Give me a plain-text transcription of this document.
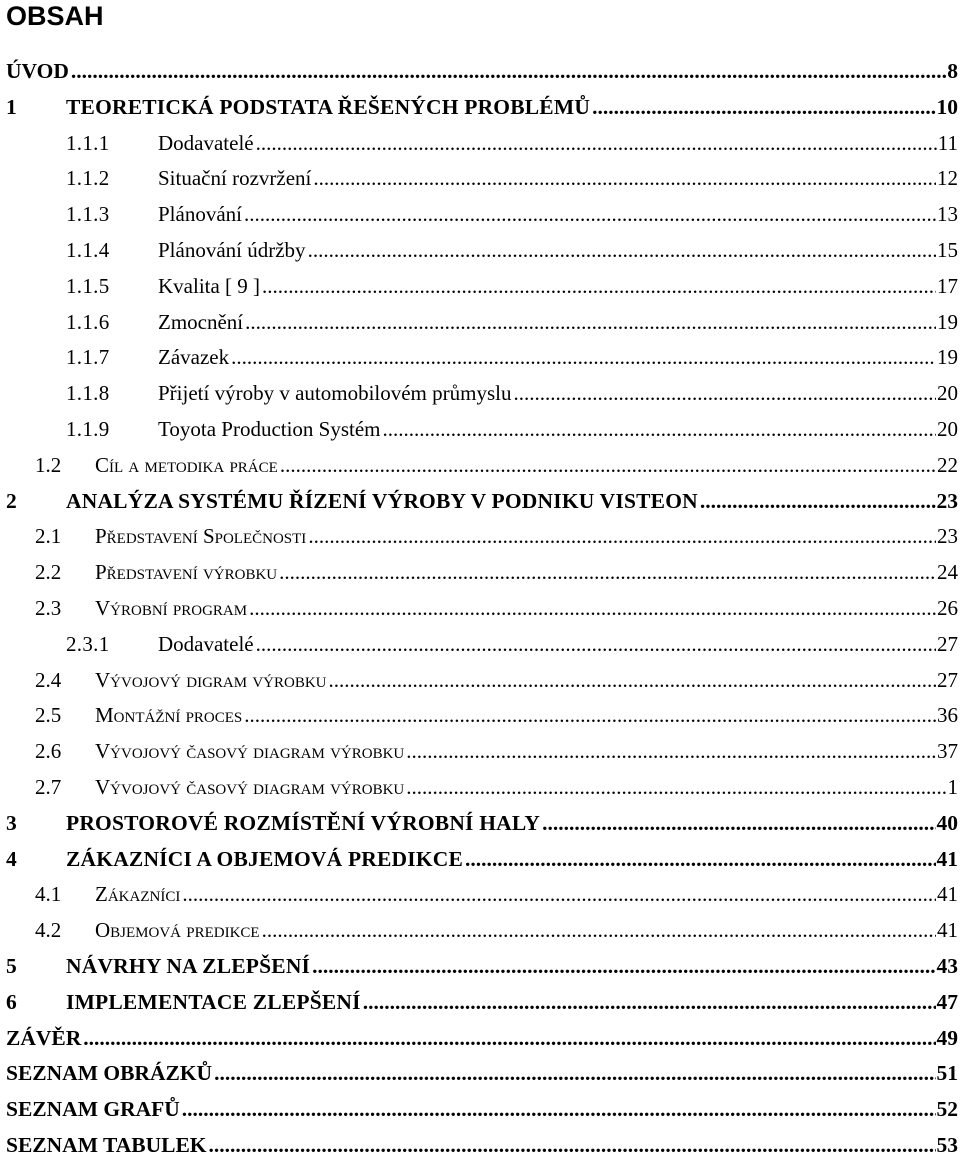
OBSAH
ÚVOD .....	8
1	TEORETICKÁ PODSTATA ŘEŠENÝCH PROBLÉMŮ .....	10
1.1.1	Dodavatelé .....	11
1.1.2	Situační rozvržení .....	12
1.1.3	Plánování .....	13
1.1.4	Plánování údržby .....	15
1.1.5	Kvalita [ 9 ] .....	17
1.1.6	Zmocnění .....	19
1.1.7	Závazek .....	19
1.1.8	Přijetí výroby v automobilovém průmyslu .....	20
1.1.9	Toyota Production Systém .....	20
1.2	Cíl a metodika práce .....	22
2	ANALÝZA SYSTÉMU ŘÍZENÍ VÝROBY V PODNIKU VISTEON .....	23
2.1	Představení Společnosti .....	23
2.2	Představení výrobku .....	24
2.3	Výrobní program .....	26
2.3.1	Dodavatelé .....	27
2.4	Vývojový digram výrobku .....	27
2.5	Montážní proces .....	36
2.6	Vývojový časový diagram výrobku .....	37
2.7	Vývojový časový diagram výrobku .....	1
3	PROSTOROVÉ ROZMÍSTĚNÍ VÝROBNÍ HALY .....	40
4	ZÁKAZNÍCI A OBJEMOVÁ PREDIKCE .....	41
4.1	Zákazníci .....	41
4.2	Objemová predikce .....	41
5	NÁVRHY NA ZLEPŠENÍ .....	43
6	IMPLEMENTACE ZLEPŠENÍ .....	47
ZÁVĚR .....	49
SEZNAM OBRÁZKŮ .....	51
SEZNAM GRAFŮ .....	52
SEZNAM TABULEK .....	53
